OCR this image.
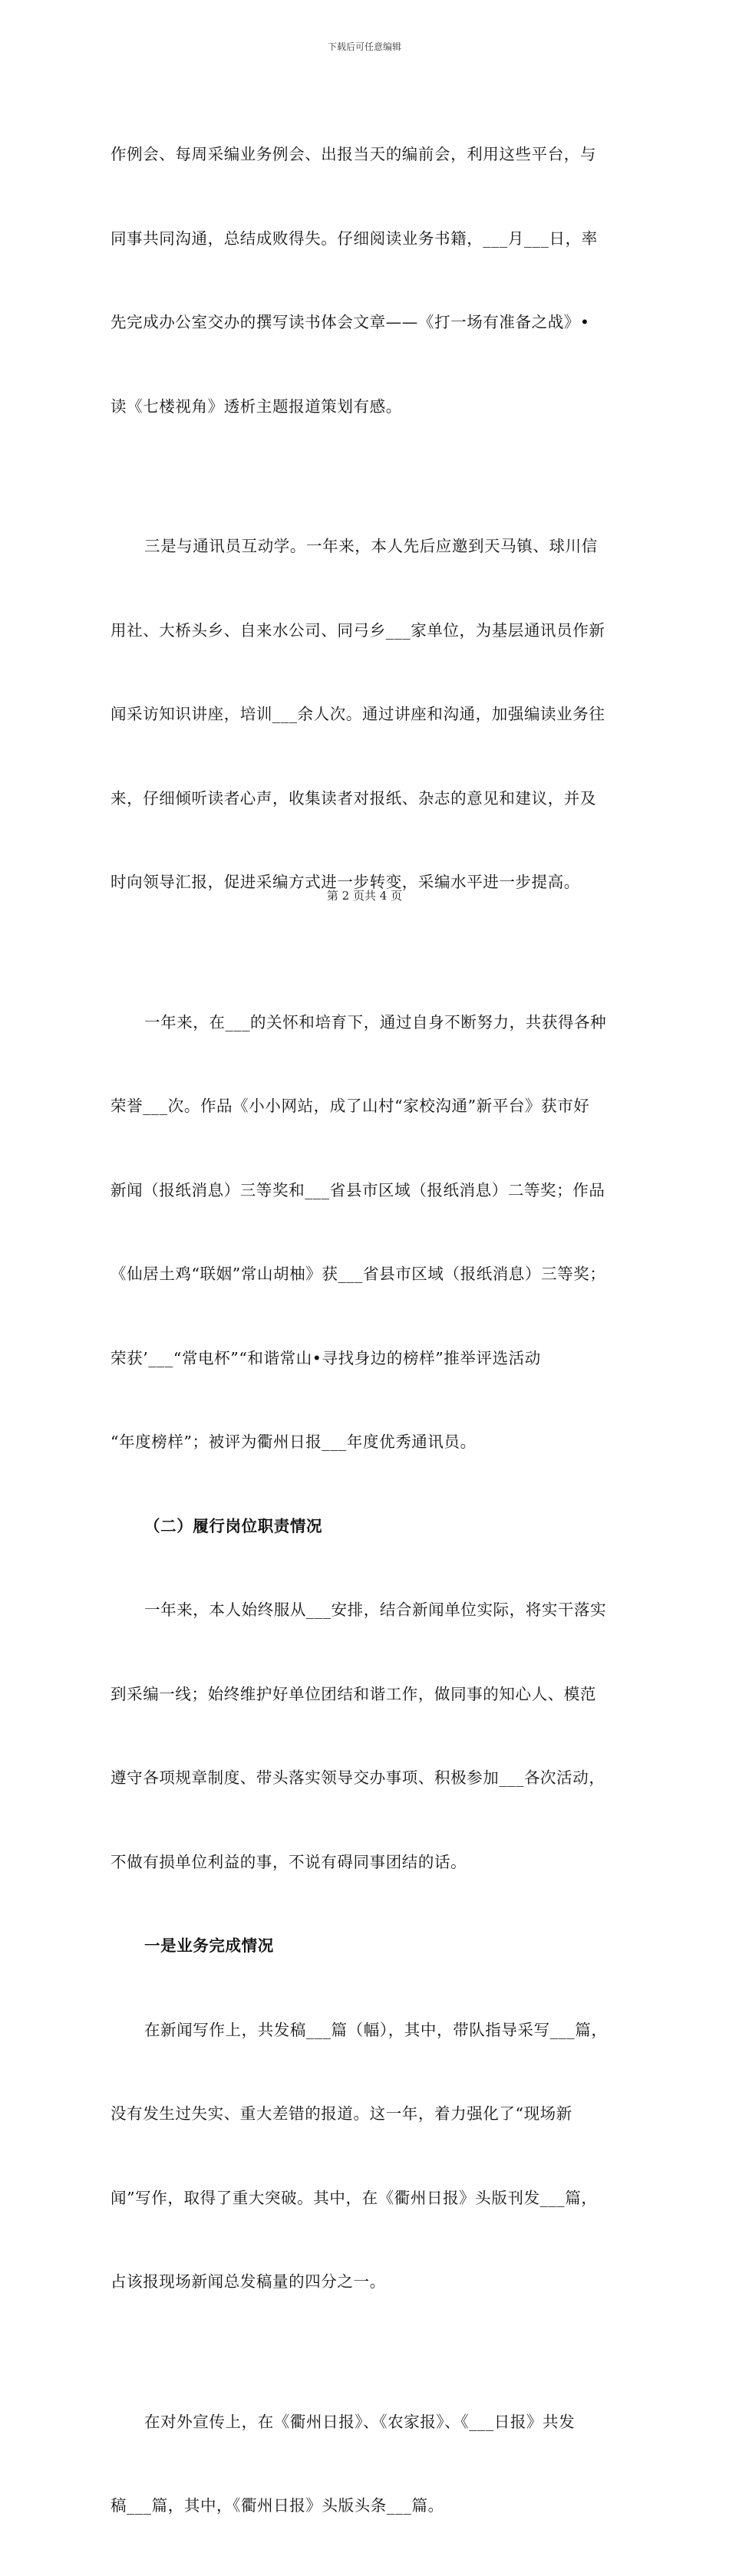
下载后可任意编辑

作例会、每周采编业务例会、出报当天的编前会，利用这些平台，与

同事共同沟通，总结成败得失。仔细阅读业务书籍，___月___日，率

先完成办公室交办的撰写读书体会文章——《打一场有准备之战》•

读《七楼视角》透析主题报道策划有感。

三是与通讯员互动学。一年来，本人先后应邀到天马镇、球川信

用社、大桥头乡、自来水公司、同弓乡___家单位，为基层通讯员作新

闻采访知识讲座，培训___余人次。通过讲座和沟通，加强编读业务往

来，仔细倾听读者心声，收集读者对报纸、杂志的意见和建议，并及

时向领导汇报，促进采编方式进一步转变，采编水平进一步提高。

一年来，在___的关怀和培育下，通过自身不断努力，共获得各种

荣誉___次。作品《小小网站，成了山村“家校沟通”新平台》获市好

新闻（报纸消息）三等奖和___省县市区域（报纸消息）二等奖；作品

《仙居土鸡“联姻”常山胡柚》获___省县市区域（报纸消息）三等奖；

荣获’___“常电杯”“和谐常山•寻找身边的榜样”推举评选活动

“年度榜样”；被评为衢州日报___年度优秀通讯员。

（二）履行岗位职责情况

一年来，本人始终服从___安排，结合新闻单位实际，将实干落实

到采编一线；始终维护好单位团结和谐工作，做同事的知心人、模范

遵守各项规章制度、带头落实领导交办事项、积极参加___各次活动，

不做有损单位利益的事，不说有碍同事团结的话。

一是业务完成情况

在新闻写作上，共发稿___篇（幅），其中，带队指导采写___篇，

没有发生过失实、重大差错的报道。这一年，着力强化了“现场新

闻”写作，取得了重大突破。其中，在《衢州日报》头版刊发___篇，

占该报现场新闻总发稿量的四分之一。

在对外宣传上，在《衢州日报》、《农家报》、《___日报》共发

稿___篇，其中，《衢州日报》头版头条___篇。

第 2 页共 4 页
